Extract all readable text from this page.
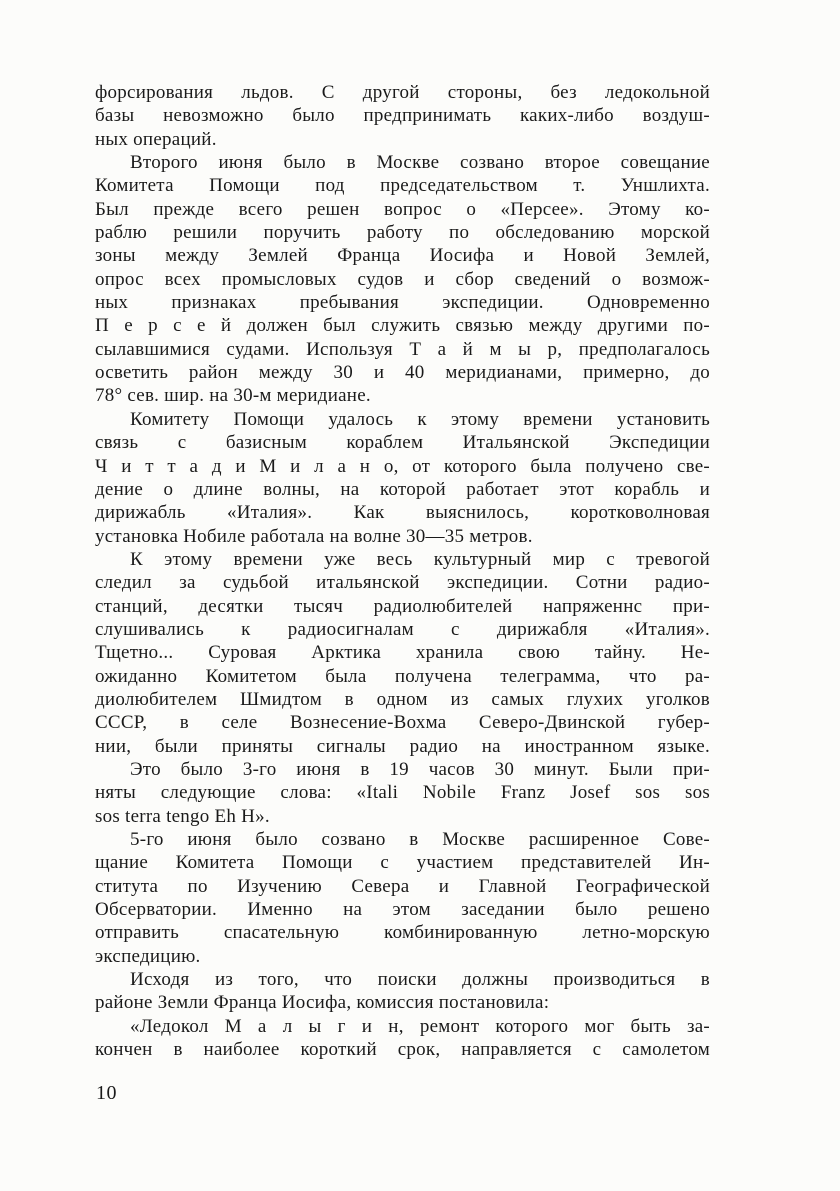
форсирования льдов. С другой стороны, без ледокольной
базы невозможно было предпринимать каких-либо воздуш-
ных операций.
Второго июня было в Москве созвано второе совещание
Комитета Помощи под председательством т. Уншлихта.
Был прежде всего решен вопрос о «Персее». Этому ко-
раблю решили поручить работу по обследованию морской
зоны между Землей Франца Иосифа и Новой Землей,
опрос всех промысловых судов и сбор сведений о возмож-
ных признаках пребывания экспедиции. Одновременно
П е р с е й должен был служить связью между другими по-
сылавшимися судами. Используя Т а й м ы р, предполагалось
осветить район между 30 и 40 меридианами, примерно, до
78° сев. шир. на 30-м меридиане.
Комитету Помощи удалось к этому времени установить
связь с базисным кораблем Итальянской Экспедиции
Ч и т т а д и М и л а н о, от которого была получено све-
дение о длине волны, на которой работает этот корабль и
дирижабль «Италия». Как выяснилось, коротковолновая
установка Нобиле работала на волне 30—35 метров.
К этому времени уже весь культурный мир с тревогой
следил за судьбой итальянской экспедиции. Сотни радио-
станций, десятки тысяч радиолюбителей напряженнс при-
слушивались к радиосигналам с дирижабля «Италия».
Тщетно... Суровая Арктика хранила свою тайну. Не-
ожиданно Комитетом была получена телеграмма, что ра-
диолюбителем Шмидтом в одном из самых глухих уголков
СССР, в селе Вознесение-Вохма Северо-Двинской губер-
нии, были приняты сигналы радио на иностранном языке.
Это было 3-го июня в 19 часов 30 минут. Были при-
няты следующие слова: «Itali Nobile Franz Josef sos sos
sos terra tengo Eh H».
5-го июня было созвано в Москве расширенное Сове-
щание Комитета Помощи с участием представителей Ин-
ститута по Изучению Севера и Главной Географической
Обсерватории. Именно на этом заседании было решено
отправить спасательную комбинированную летно-морскую
экспедицию.
Исходя из того, что поиски должны производиться в
районе Земли Франца Иосифа, комиссия постановила:
«Ледокол М а л ы г и н, ремонт которого мог быть за-
кончен в наиболее короткий срок, направляется с самолетом
10
